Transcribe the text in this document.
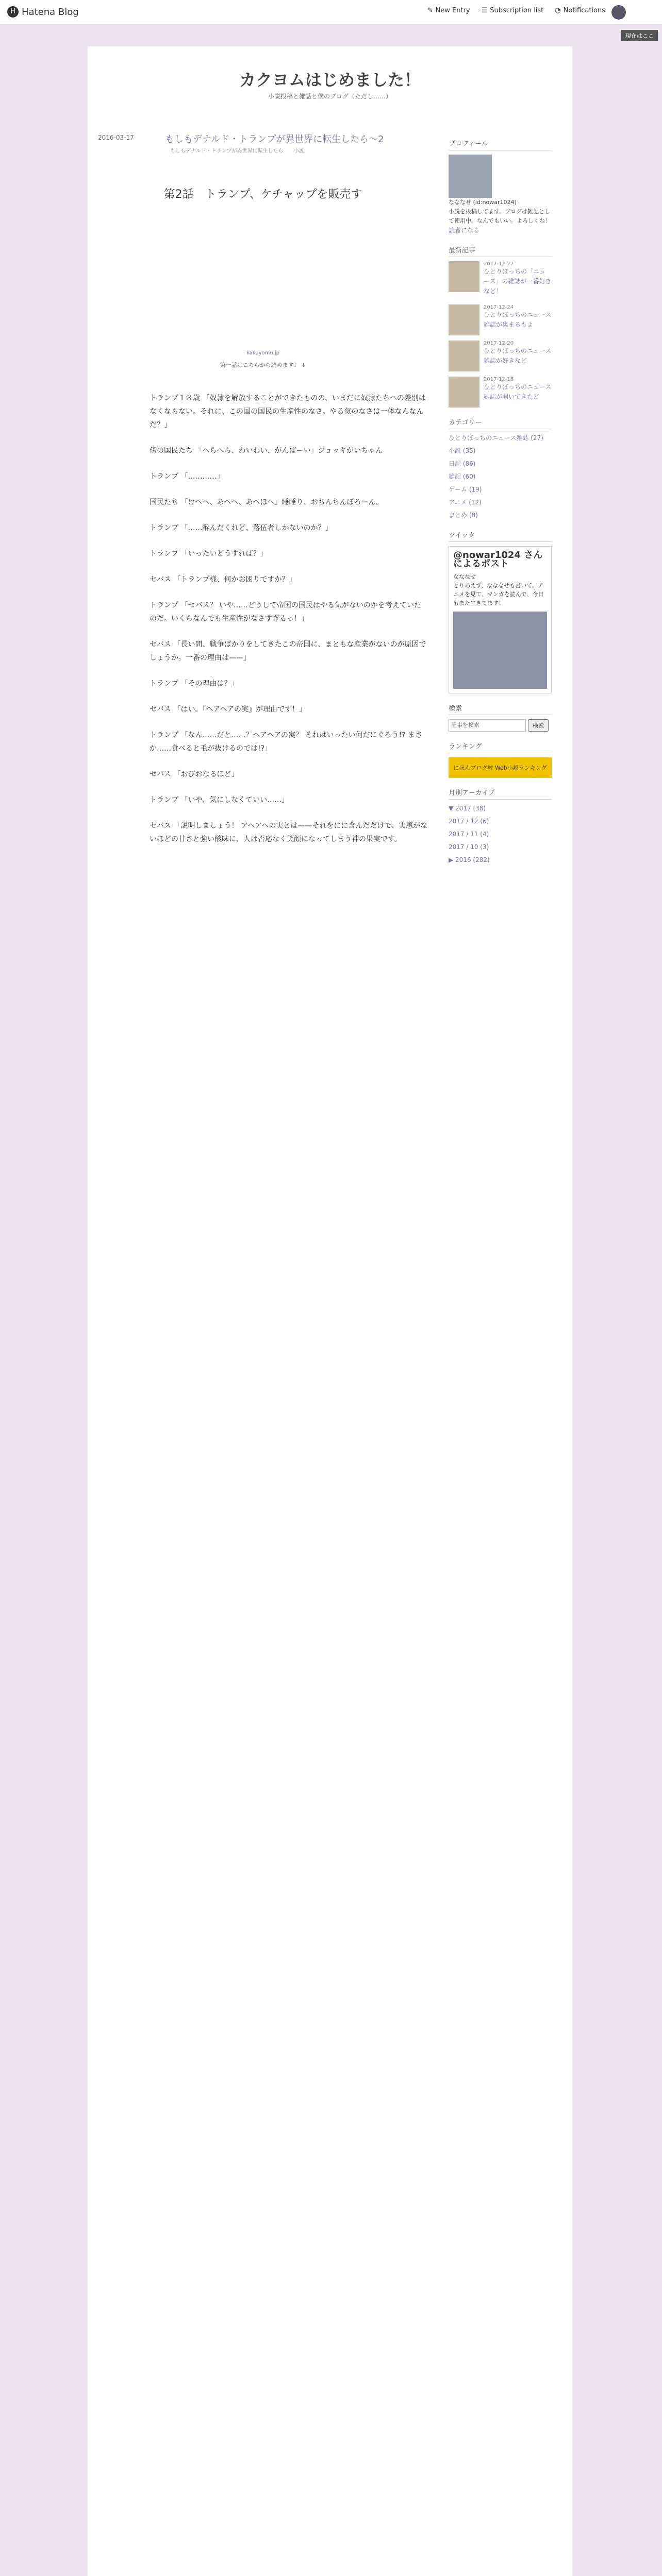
H Hatena Blog	✎ New Entry ☰ Subscription list ◔ Notifications
現在はここ
カクヨムはじめました！
小説投稿と雑話と僕のブログ（ただし……）
2016-03-17	もしもデナルド・トランプが異世界に転生したら～2
もしもデナルド・トランプが異世界に転生したら　　小説
第2話　トランプ、ケチャップを販売す
kakuyomu.jp
第一話はこちらから読めます！ ↓

トランプ１８歳 「奴隷を解放することができたものの、いまだに奴隷たちへの差別はなくならない。それに、この国の国民の生産性のなさ。やる気のなさは一体なんなんだ？」

傍の国民たち 「へらへら、わいわい、がんばーい」ジョッキがいちゃん

トランプ 「…………」

国民たち 「けへへ、あへへ、あへほへ」睡睡り、おちんちんぼろーん。

トランプ 「……酔んだくれど、落伍者しかないのか？」

トランプ 「いったいどうすれば？」

セバス 「トランプ様、何かお困りですか？」

トランプ 「セバス？ いや……どうして帝国の国民はやる気がないのかを考えていたのだ。いくらなんでも生産性がなさすぎるっ！」

セバス 「長い間、戦争ばかりをしてきたこの帝国に、まともな産業がないのが原因でしょうか。一番の理由は——」

トランプ 「その理由は？」

セバス 「はい。『ヘアヘアの実』が理由です！」

トランプ 「なん……だと……？ヘアヘアの実？ それはいったい何だにぐろう!? まさか……食べると毛が抜けるのでは!?」

セバス 「おびおなるほど」

トランプ 「いや、気にしなくていい……」

セバス 「説明しましょう！ アヘアヘの実とは——それをにに含んだだけで、実感がないほどの甘さと強い酸味に、人は否応なく笑顔になってしまう神の果実です。

プロフィール
なななせ (id:nowar1024)
小説を投稿してます。ブログは雑記として使用中。なんでもいい。よろしくね！
読者になる
最新記事
2017-12-27
ひとりぼっちの「ニュース」の雑誌が一番好きなど！
2017-12-24
ひとりぼっちのニュース雑誌が集まるもよ
2017-12-20
ひとりぼっちのニュース雑誌が好きなど
2017-12-18
ひとりぼっちのニュース雑誌が開いてきたど
カテゴリー
ひとりぼっちのニュース雑誌 (27)
小説 (35)
日記 (86)
雑記 (60)
ゲーム (19)
アニメ (12)
まとめ (8)
ツイッタ
@nowar1024 さんによるポスト
なななせ
とりあえず、なななせも書いて。アニメを見て、マンガを読んで、今日もまた生きてます！
検索
記事を検索
検索
ランキング
にほんブログ村 Web小説ランキング
月別アーカイブ
▼ 2017 (38)
2017 / 12 (6)
2017 / 11 (4)
2017 / 10 (3)
▶ 2016 (282)
